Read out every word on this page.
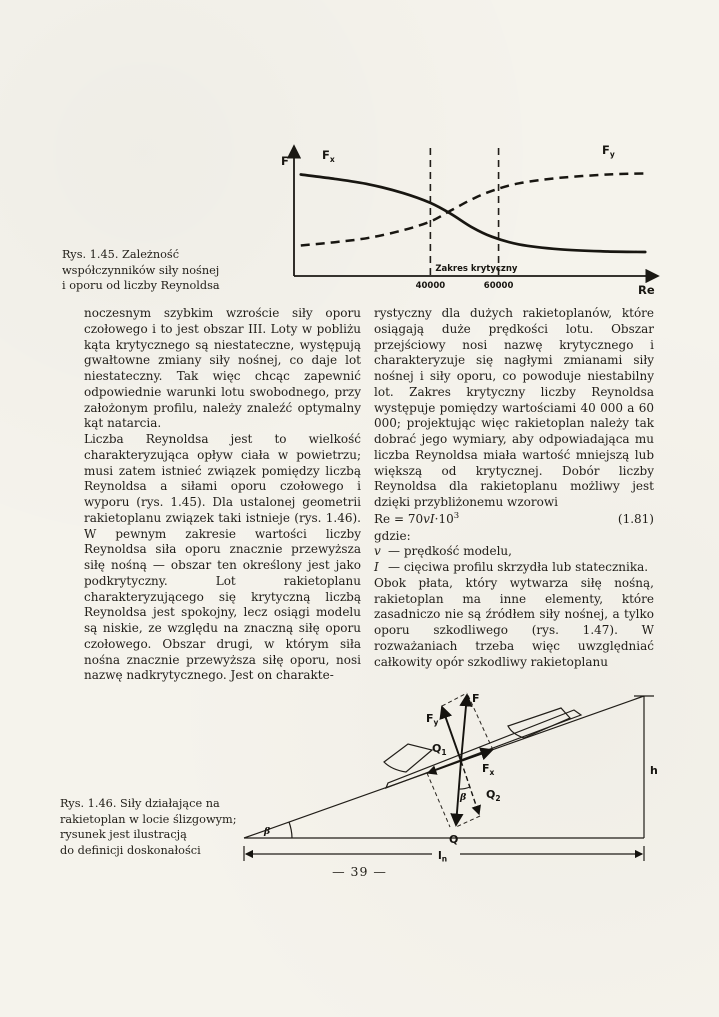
Rys. 1.45. Zależność
współczynników siły nośnej
i oporu od liczby Reynoldsa
F
Re
$F_x$
$F_y$
40000	60000
Zakres krytyczny

noczesnym szybkim wzroście siły oporu czołowego i to jest obszar III. Loty w pobliżu kąta krytycznego są niestateczne, występują gwałtowne zmiany siły nośnej, co daje lot niestateczny. Tak więc chcąc zapewnić odpowiednie warunki lotu swobodnego, przy założonym profilu, należy znaleźć optymalny kąt natarcia.

Liczba Reynoldsa jest to wielkość charakteryzująca opływ ciała w powietrzu; musi zatem istnieć związek pomiędzy liczbą Reynoldsa a siłami oporu czołowego i wyporu (rys. 1.45). Dla ustalonej geometrii rakietoplanu związek taki istnieje (rys. 1.46). W pewnym zakresie wartości liczby Reynoldsa siła oporu znacznie przewyższa siłę nośną — obszar ten określony jest jako podkrytyczny. Lot rakietoplanu charakteryzującego się krytyczną liczbą Reynoldsa jest spokojny, lecz osiągi modelu są niskie, ze względu na znaczną siłę oporu czołowego. Obszar drugi, w którym siła nośna znacznie przewyższa siłę oporu, nosi nazwę nadkrytycznego. Jest on charakte-

rystyczny dla dużych rakietoplanów, które osiągają duże prędkości lotu. Obszar przejściowy nosi nazwę krytycznego i charakteryzuje się nagłymi zmianami siły nośnej i siły oporu, co powoduje niestabilny lot. Zakres krytyczny liczby Reynoldsa występuje pomiędzy wartościami 40 000 a 60 000; projektując więc rakietoplan należy tak dobrać jego wymiary, aby odpowiadająca mu liczba Reynoldsa miała wartość mniejszą lub większą od krytycznej. Dobór liczby Reynoldsa dla rakietoplanu możliwy jest dzięki przybliżonemu wzorowi

$Re = 70vI\cdot 10^3$	(1.81)
gdzie:
v — prędkość modelu,
I — cięciwa profilu skrzydła lub statecznika.

Obok płata, który wytwarza siłę nośną, rakietoplan ma inne elementy, które zasadniczo nie są źródłem siły nośnej, a tylko oporu szkodliwego (rys. 1.47). W rozważaniach trzeba więc uwzględniać całkowity opór szkodliwy rakietoplanu

β
h
$l_n$
F
$F_y$
$F_x$
$Q_1$
$Q_2$
Q
β
Rys. 1.46. Siły działające na
rakietoplan w locie ślizgowym;
rysunek jest ilustracją
do definicji doskonałości
— 39 —
